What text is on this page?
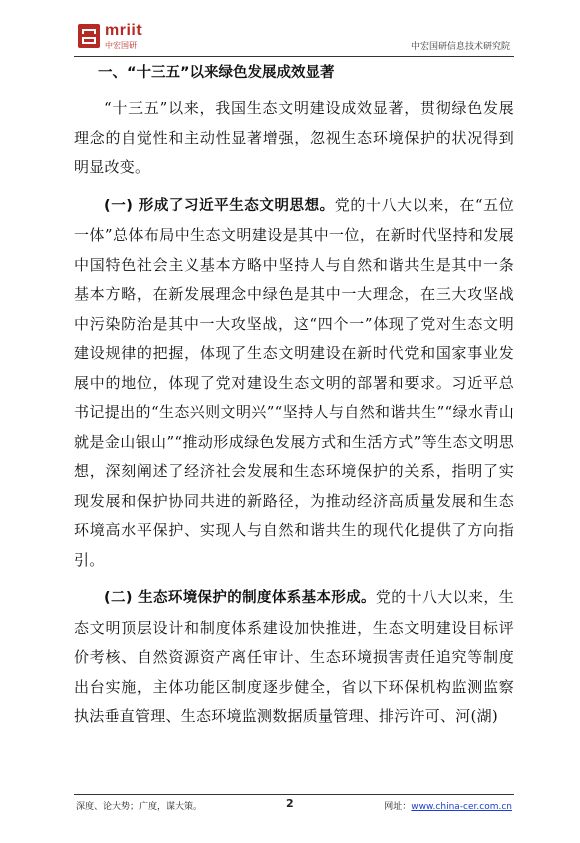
mriit
中宏国研	中宏国研信息技术研究院
一、“十三五”以来绿色发展成效显著

“十三五”以来，我国生态文明建设成效显著，贯彻绿色发展理念的自觉性和主动性显著增强，忽视生态环境保护的状况得到明显改变。

(一) 形成了习近平生态文明思想。党的十八大以来，在“五位一体”总体布局中生态文明建设是其中一位，在新时代坚持和发展中国特色社会主义基本方略中坚持人与自然和谐共生是其中一条基本方略，在新发展理念中绿色是其中一大理念，在三大攻坚战中污染防治是其中一大攻坚战，这“四个一”体现了党对生态文明建设规律的把握，体现了生态文明建设在新时代党和国家事业发展中的地位，体现了党对建设生态文明的部署和要求。习近平总书记提出的“生态兴则文明兴”“坚持人与自然和谐共生”“绿水青山就是金山银山”“推动形成绿色发展方式和生活方式”等生态文明思想，深刻阐述了经济社会发展和生态环境保护的关系，指明了实现发展和保护协同共进的新路径，为推动经济高质量发展和生态环境高水平保护、实现人与自然和谐共生的现代化提供了方向指引。

(二) 生态环境保护的制度体系基本形成。党的十八大以来，生态文明顶层设计和制度体系建设加快推进，生态文明建设目标评价考核、自然资源资产离任审计、生态环境损害责任追究等制度出台实施，主体功能区制度逐步健全，省以下环保机构监测监察执法垂直管理、生态环境监测数据质量管理、排污许可、河(湖)

深度、论大势；广度，谋大策。	2	网址：www.china-cer.com.cn
